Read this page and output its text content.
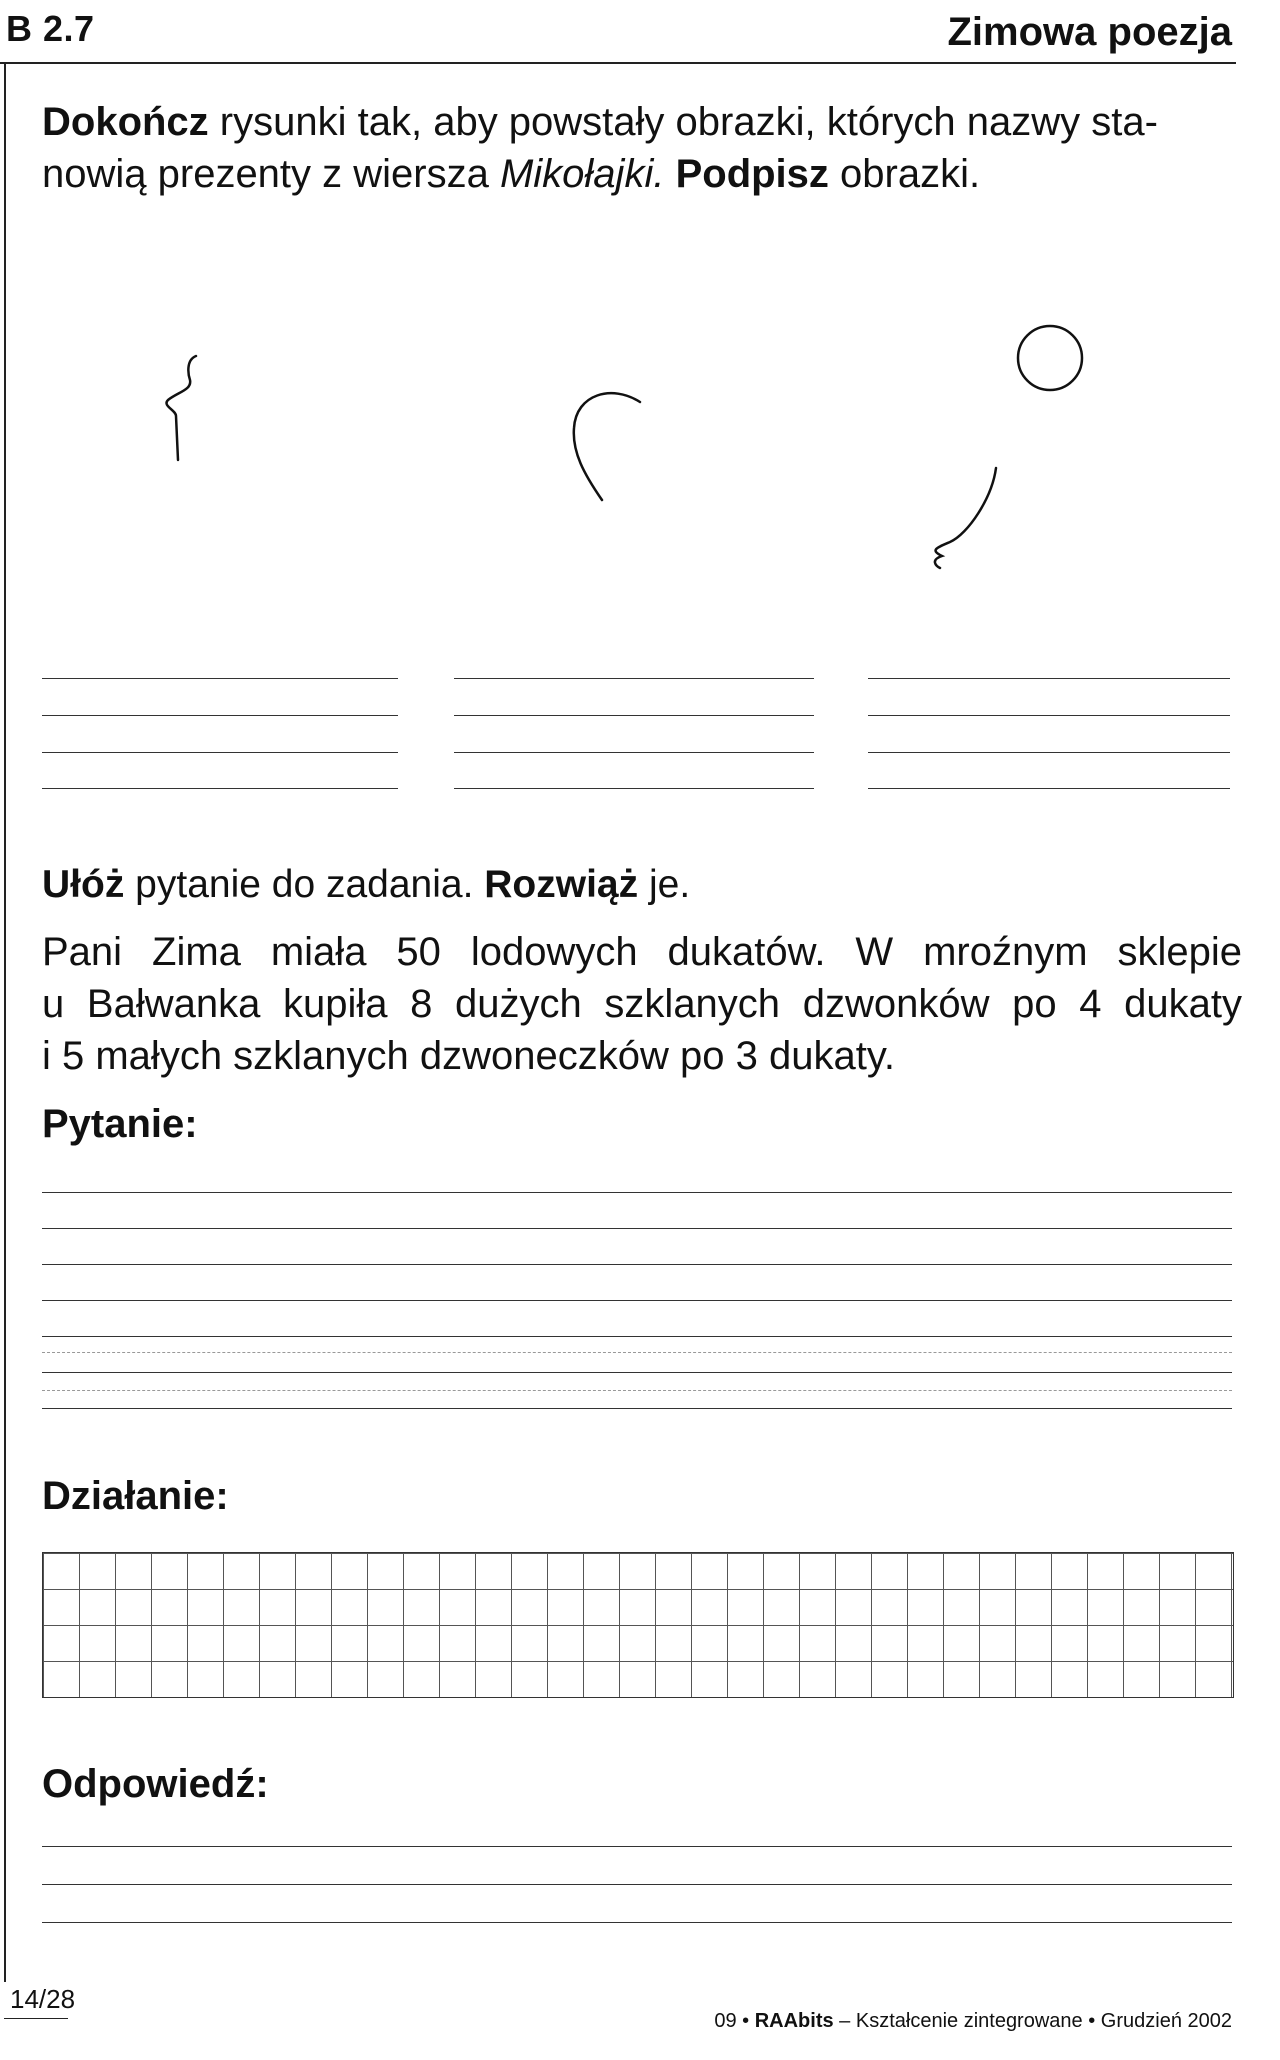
B 2.7	Zimowa poezja
Dokończ rysunki tak, aby powstały obrazki, których nazwy sta-
nowią prezenty z wiersza Mikołajki. Podpisz obrazki.
Ułóż pytanie do zadania. Rozwiąż je.
Pani Zima miała 50 lodowych dukatów. W mroźnym sklepie
u Bałwanka kupiła 8 dużych szklanych dzwonków po 4 dukaty
i 5 małych szklanych dzwoneczków po 3 dukaty.
Pytanie:
Działanie:
Odpowiedź:
14/28
09 • RAAbits – Kształcenie zintegrowane • Grudzień 2002
